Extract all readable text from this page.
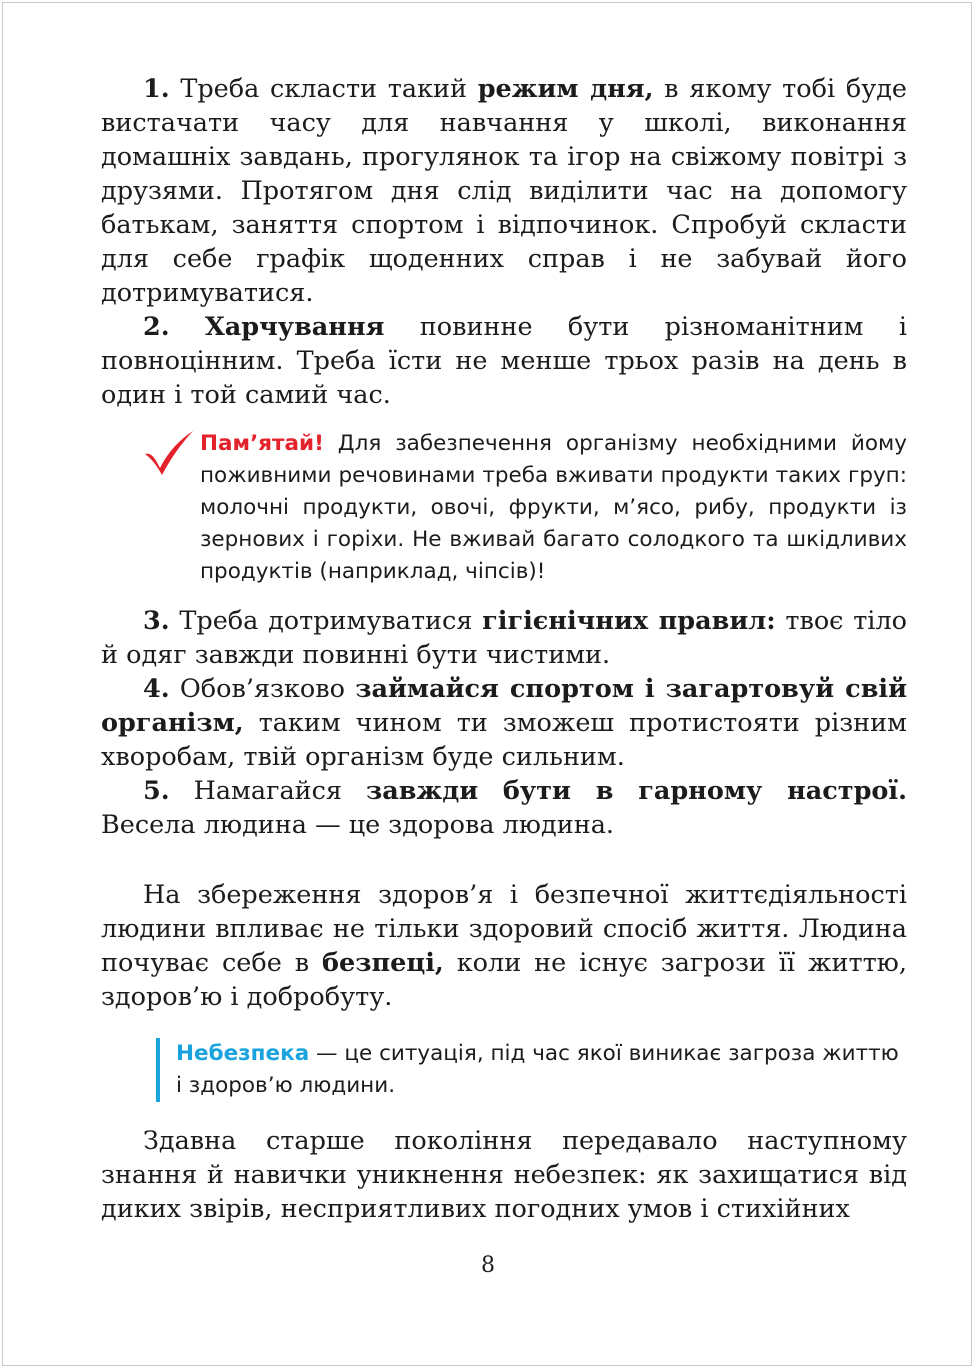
1. Треба скласти такий режим дня, в якому тобі буде вистачати часу для навчання у школі, виконання домашніх завдань, прогулянок та ігор на свіжому повітрі з друзями. Протягом дня слід виділити час на допомогу батькам, заняття спортом і відпочинок. Спробуй скласти для себе графік щоденних справ і не забувай його дотримуватися.

2. Харчування повинне бути різноманітним і повноцінним. Треба їсти не менше трьох разів на день в один і той самий час.

Пам’ятай! Для забезпечення організму необхідними йому поживними речовинами треба вживати продукти таких груп: молочні продукти, овочі, фрукти, м’ясо, рибу, продукти із зернових і горіхи. Не вживай багато солодкого та шкідливих продуктів (наприклад, чіпсів)!

3. Треба дотримуватися гігієнічних правил: твоє тіло й одяг завжди повинні бути чистими.

4. Обов’язково займайся спортом і загартовуй свій організм, таким чином ти зможеш протистояти різним хворобам, твій організм буде сильним.

5. Намагайся завжди бути в гарному настрої. Весела людина — це здорова людина.

На збереження здоров’я і безпечної життєдіяльності людини впливає не тільки здоровий спосіб життя. Людина почуває себе в безпеці, коли не існує загрози її життю, здоров’ю і добробуту.

Небезпека — це ситуація, під час якої виникає загроза життю і здоров’ю людини.

Здавна старше покоління передавало наступному знання й навички уникнення небезпек: як захищатися від диких звірів, несприятливих погодних умов і стихійних

8
